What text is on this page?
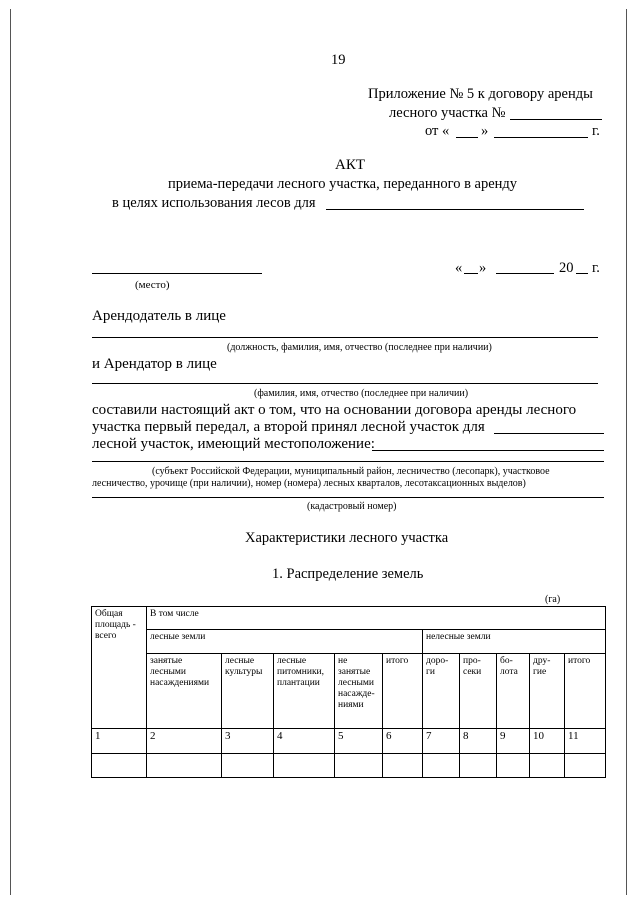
19
Приложение № 5 к договору аренды
лесного участка №
от « »	г.
АКТ
приема-передачи лесного участка, переданного в аренду
в целях использования лесов для
(место)
« »	20 г.
Арендодатель в лице
(должность, фамилия, имя, отчество (последнее при наличии)
и Арендатор в лице
(фамилия, имя, отчество (последнее при наличии)
составили настоящий акт о том, что на основании договора аренды лесного
участка первый передал, а второй принял лесной участок для
лесной участок, имеющий местоположение:
(субъект Российской Федерации, муниципальный район, лесничество (лесопарк), участковое
лесничество, урочище (при наличии), номер (номера) лесных кварталов, лесотаксационных выделов)
(кадастровый номер)
Характеристики лесного участка
1. Распределение земель
(га)
Общая площадь - всего	В том числе									
	лесные земли					нелесные земли				
	занятые лесными насаждениями	лесные культуры	лесные питомники, плантации	не занятые лесными насажде-ниями	итого	доро-ги	про-секи	бо-лота	дру-гие	итого
1	2	3	4	5	6	7	8	9	10	11
